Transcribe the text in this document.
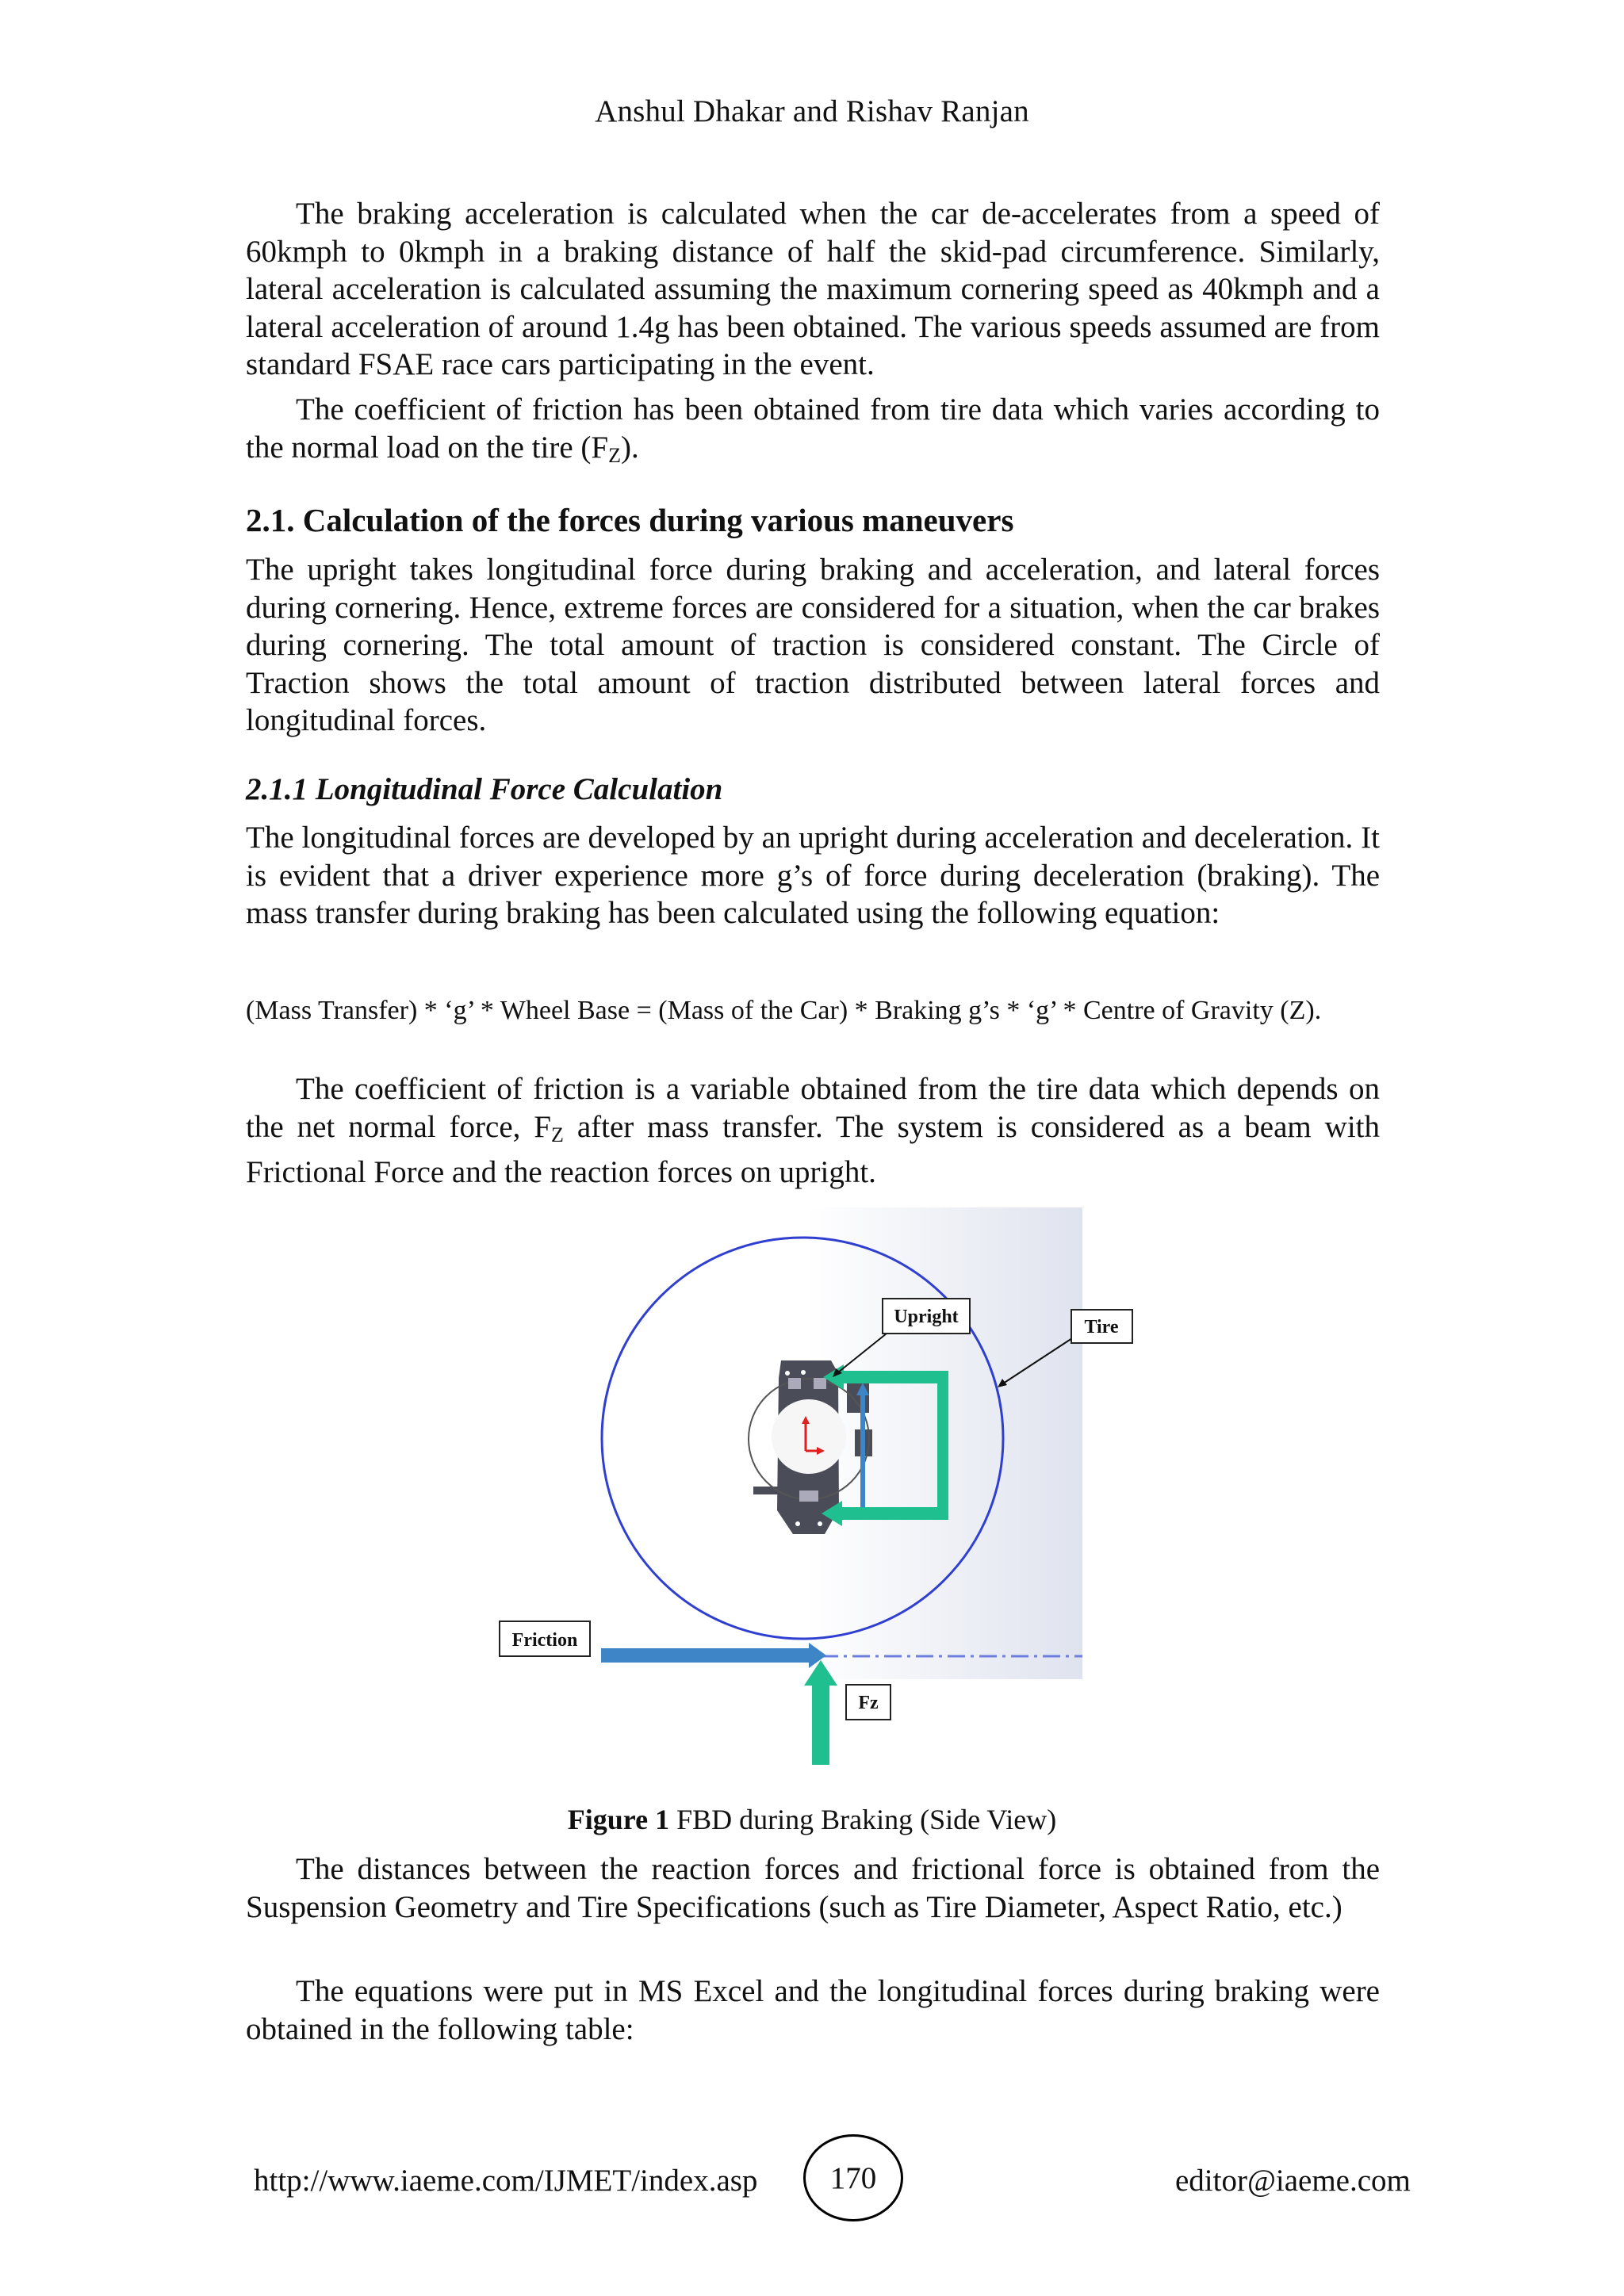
Anshul Dhakar and Rishav Ranjan

The braking acceleration is calculated when the car de-accelerates from a speed of 60kmph to 0kmph in a braking distance of half the skid-pad circumference. Similarly, lateral acceleration is calculated assuming the maximum cornering speed as 40kmph and a lateral acceleration of around 1.4g has been obtained. The various speeds assumed are from standard FSAE race cars participating in the event.

The coefficient of friction has been obtained from tire data which varies according to the normal load on the tire $(F_Z)$.

2.1. Calculation of the forces during various maneuvers

The upright takes longitudinal force during braking and acceleration, and lateral forces during cornering. Hence, extreme forces are considered for a situation, when the car brakes during cornering. The total amount of traction is considered constant. The Circle of Traction shows the total amount of traction distributed between lateral forces and longitudinal forces.

2.1.1 Longitudinal Force Calculation

The longitudinal forces are developed by an upright during acceleration and deceleration. It is evident that a driver experience more g’s of force during deceleration (braking). The mass transfer during braking has been calculated using the following equation:

(Mass Transfer) * ‘g’ * Wheel Base = (Mass of the Car) * Braking g’s * ‘g’ * Centre of Gravity (Z).

The coefficient of friction is a variable obtained from the tire data which depends on the net normal force, $F_Z$ after mass transfer. The system is considered as a beam with Frictional Force and the reaction forces on upright.

Upright	Tire
Friction
Fz
Figure 1 FBD during Braking (Side View)

The distances between the reaction forces and frictional force is obtained from the Suspension Geometry and Tire Specifications (such as Tire Diameter, Aspect Ratio, etc.)

The equations were put in MS Excel and the longitudinal forces during braking were obtained in the following table:

http://www.iaeme.com/IJMET/index.asp 170	editor@iaeme.com
